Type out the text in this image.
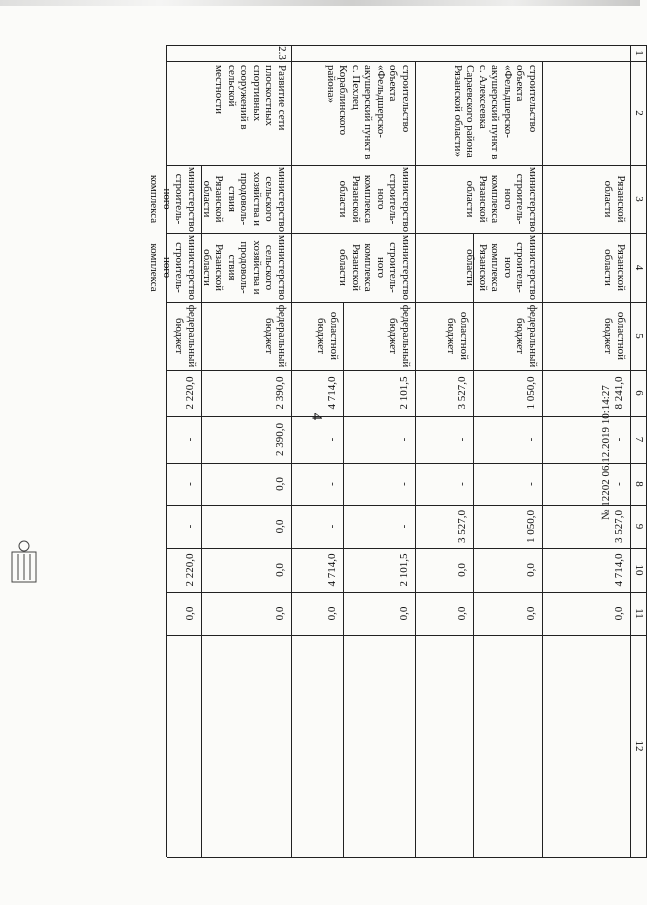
1
2
3
4
5
6
7
8
9
10
11
12
Рязанской
области
Рязанской
области
областной
бюджет
8 241,0
-
-
3 527,0
4 714,0
0,0
строительство объекта
«Фельдшерско-
акушерский пункт в
с. Алексеевка
Сараевского района
Рязанской области»
министерство
строитель-
ного
комплекса
Рязанской
области
министерство
строитель-
ного
комплекса
Рязанской
области
федеральный
бюджет
1 050,0
-
-
1 050,0
0,0
0,0
областной
бюджет
3 527,0
-
-
3 527,0
0,0
0,0
строительство объекта
«Фельдшерско-
акушерский пункт в
с. Пехлец
Кораблинского района»
министерство
строитель-
ного
комплекса
Рязанской
области
министерство
строитель-
ного
комплекса
Рязанской
области
федеральный
бюджет
2 101,5
-
-
-
2 101,5
0,0
областной
бюджет
4 714,0
-
-
-
4 714,0
0,0
2.3
Развитие сети
плоскостных
спортивных
сооружений в сельской
местности
министерство
сельского
хозяйства и
продоволь-
ствия
Рязанской
области
министерство
сельского
хозяйства и
продоволь-
ствия
Рязанской
области
федеральный
бюджет
2 390,0
2 390,0
0,0
0,0
0,0
0,0
министерство
строитель-
ного
комплекса
министерство
строитель-
ного
комплекса
федеральный
бюджет
2 220,0
-
-
-
2 220,0
0,0
№ 12202 06.12.2019 10:14:27
